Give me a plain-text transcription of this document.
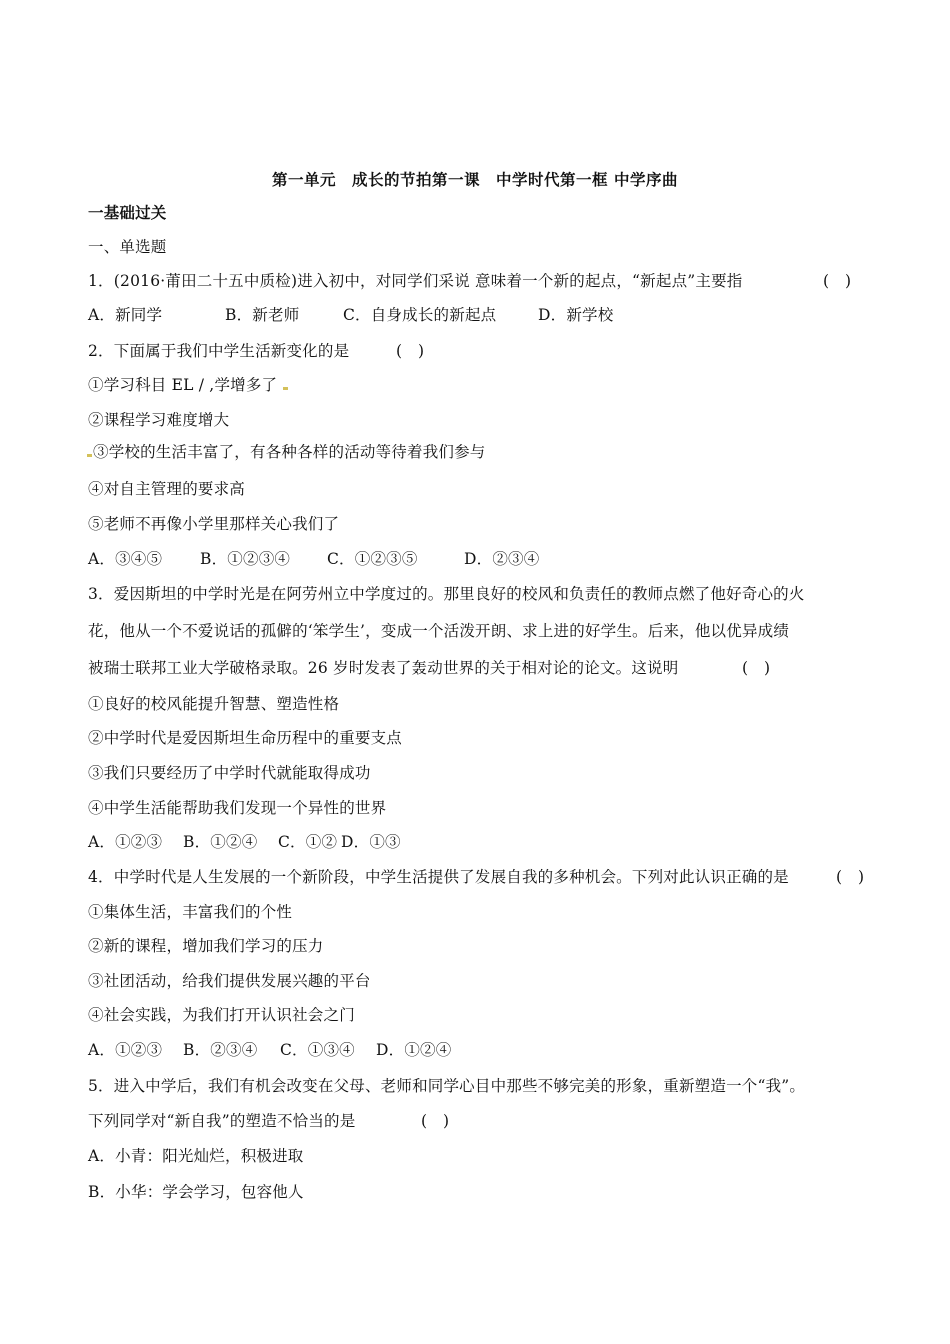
第一单元　成长的节拍第一课　中学时代第一框 中学序曲
一基础过关
一、单选题
1．(2016·莆田二十五中质检)进入初中，对同学们采说 意味着一个新的起点，“新起点”主要指	(　)
A．新同学	B．新老师	C．自身成长的新起点	D．新学校
2．下面属于我们中学生活新变化的是	(　)
①学习科目 EL / ,学增多了
②课程学习难度增大
③学校的生活丰富了，有各种各样的活动等待着我们参与
④对自主管理的要求高
⑤老师不再像小学里那样关心我们了
A．③④⑤ B．①②③④ C．①②③⑤	D．②③④
3．爱因斯坦的中学时光是在阿劳州立中学度过的。那里良好的校风和负责任的教师点燃了他好奇心的火
花，他从一个不爱说话的孤僻的‘笨学生’，变成一个活泼开朗、求上进的好学生。后来，他以优异成绩
被瑞士联邦工业大学破格录取。26 岁时发表了轰动世界的关于相对论的论文。这说明	(　)
①良好的校风能提升智慧、塑造性格
②中学时代是爱因斯坦生命历程中的重要支点
③我们只要经历了中学时代就能取得成功
④中学生活能帮助我们发现一个异性的世界
A．①②③ B．①②④ C．①② D．①③
4．中学时代是人生发展的一个新阶段，中学生活提供了发展自我的多种机会。下列对此认识正确的是	(　)
①集体生活，丰富我们的个性
②新的课程，增加我们学习的压力
③社团活动，给我们提供发展兴趣的平台
④社会实践，为我们打开认识社会之门
A．①②③ B．②③④ C．①③④ D．①②④
5．进入中学后，我们有机会改变在父母、老师和同学心目中那些不够完美的形象，重新塑造一个“我”。
下列同学对“新自我”的塑造不恰当的是	(　)
A．小青：阳光灿烂，积极进取
B．小华：学会学习，包容他人
